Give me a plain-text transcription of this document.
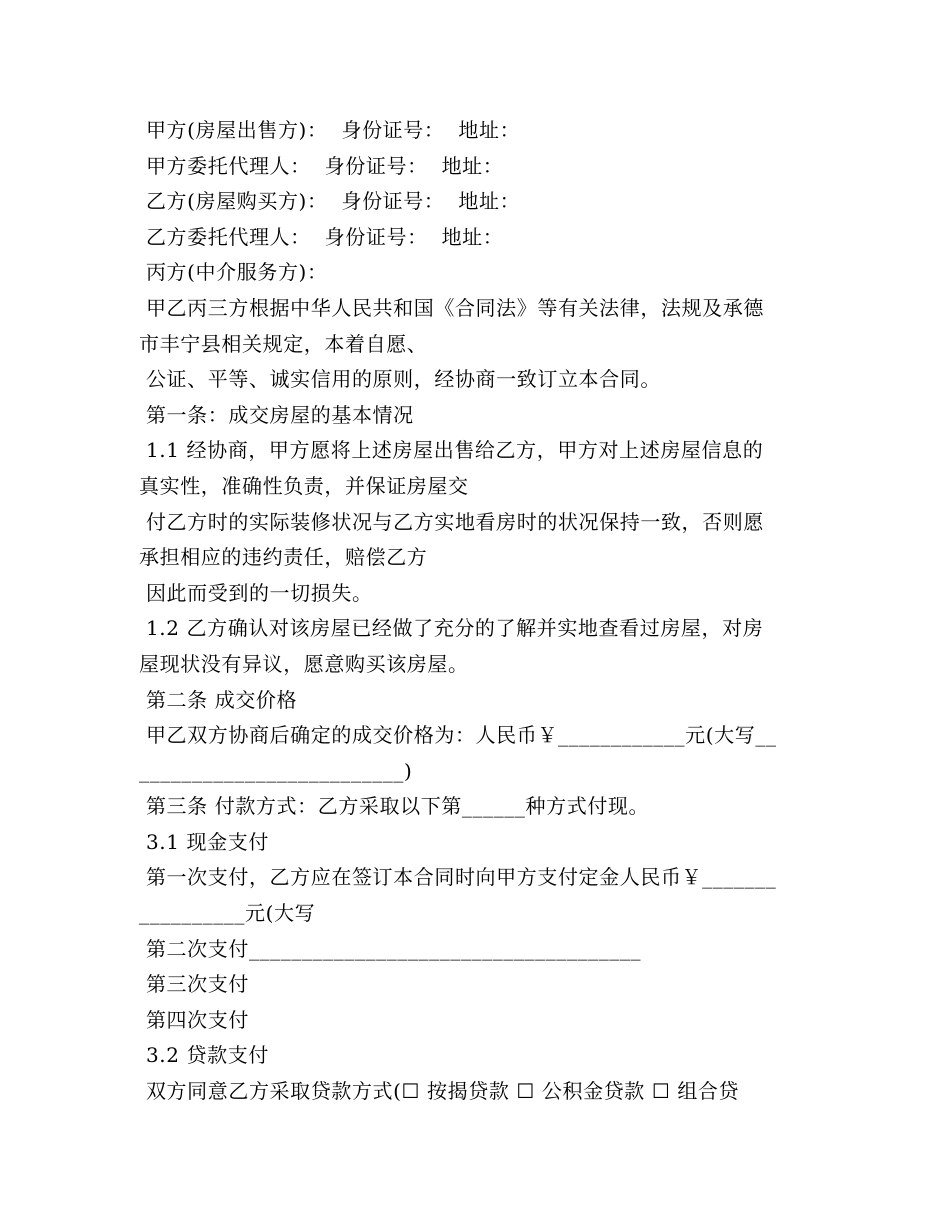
甲方(房屋出售方)：  身份证号：  地址：
甲方委托代理人：  身份证号：  地址：
乙方(房屋购买方)：  身份证号：  地址：
乙方委托代理人：  身份证号：  地址：
丙方(中介服务方)：
甲乙丙三方根据中华人民共和国《合同法》等有关法律，法规及承德
市丰宁县相关规定，本着自愿、
公证、平等、诚实信用的原则，经协商一致订立本合同。
第一条：成交房屋的基本情况
1.1 经协商，甲方愿将上述房屋出售给乙方，甲方对上述房屋信息的
真实性，准确性负责，并保证房屋交
付乙方时的实际装修状况与乙方实地看房时的状况保持一致，否则愿
承担相应的违约责任，赔偿乙方
因此而受到的一切损失。
1.2 乙方确认对该房屋已经做了充分的了解并实地查看过房屋，对房
屋现状没有异议，愿意购买该房屋。
第二条 成交价格
甲乙双方协商后确定的成交价格为：人民币￥____________元(大写__
_________________________)
第三条 付款方式：乙方采取以下第______种方式付现。
3.1 现金支付
第一次支付，乙方应在签订本合同时向甲方支付定金人民币￥_______
__________元(大写
第二次支付_____________________________________
第三次支付
第四次支付
3.2 贷款支付
双方同意乙方采取贷款方式(☐ 按揭贷款 ☐ 公积金贷款 ☐ 组合贷
